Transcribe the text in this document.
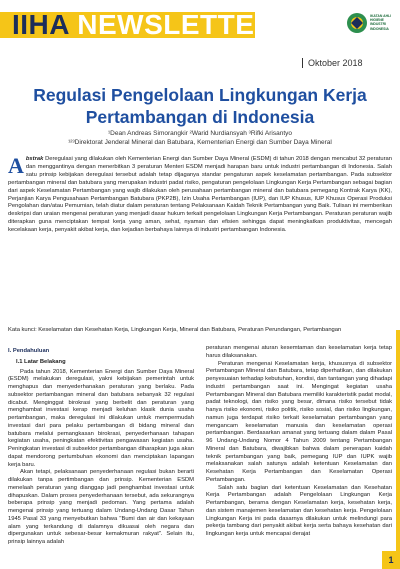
IIHA NEWSLETTER
Oktober 2018
IKATAN AHLI HIGIENE INDUSTRI INDONESIA
Regulasi Pengelolaan Lingkungan Kerja
Pertambangan di Indonesia
¹Dean Andreas Simorangkir ²Warid Nurdiansyah ³Rifki Arisantyo
¹²³Direktorat Jenderal Mineral dan Batubara, Kementerian Energi dan Sumber Daya Mineral
Abstrak Deregulasi yang dilakukan oleh Kementerian Energi dan Sumber Daya Mineral (ESDM) di tahun 2018 dengan mencabut 32 peraturan dan menggantinya dengan menerbitkan 3 peraturan Menteri ESDM menjadi harapan baru untuk industri pertambangan di Indonesia. Salah satu prinsip kebijakan deregulasi tersebut adalah tetap dijaganya standar pengaturan aspek keselamatan pertambangan. Pada subsektor pertambangan mineral dan batubara yang merupakan industri padat risiko, pengaturan pengelolaan Lingkungan Kerja Pertambangan sebagai bagian dari aspek Keselamatan Pertambangan yang wajib dilakukan oleh perusahaan pertambangan mineral dan batubara pemegang Kontrak Karya (KK), Perjanjian Karya Pengusahaan Pertambangan Batubara (PKP2B), Izin Usaha Pertambangan (IUP), dan IUP Khusus, IUP Khusus Operasi Produksi Pengolahan dan/atau Pemurnian, telah diatur dalam peraturan tentang Pelaksanaan Kaidah Teknik Pertambangan yang Baik. Tulisan ini memberikan deskripsi dan uraian mengenai peraturan yang menjadi dasar hukum terkait pengelolaan Lingkungan Kerja Pertambangan. Peraturan peraturan wajib diterapkan guna menciptakan tempat kerja yang aman, sehat, nyaman dan efisien sehingga dapat meningkatkan produktivitas, mencegah kecelakaan kerja, penyakit akibat kerja, dan kejadian berbahaya lainnya di industri pertambangan Indonesia.
Kata kunci: Keselamatan dan Kesehatan Kerja, Lingkungan Kerja, Mineral dan Batubara, Peraturan Perundangan, Pertambangan
I. Pendahuluan
I.1 Latar Belakang

Pada tahun 2018, Kementerian Energi dan Sumber Daya Mineral (ESDM) melakukan deregulasi, yakni kebijakan pemerintah untuk menghapus dan menyederhanakan peraturan yang berlaku. Pada subsektor pertambangan mineral dan batubara sebanyak 32 regulasi dicabut. Menginggat birokrasi yang berbelit dan peraturan yang menghambat investasi kerap menjadi keluhan klasik dunia usaha pertambangan, maka deregulasi ini dilakukan untuk mempermudah investasi dari para pelaku pertambangan di bidang mineral dan batubara melalui pemangkasan birokrasi, penyederhanaan tahapan kegiatan usaha, peningkatan efektivitas pengawasan kegiatan usaha. Peningkatan investasi di subsektor pertambangan diharapkan juga akan dapat mendorong pertumbuhan ekonomi dan menciptakan lapangan kerja baru.

Akan tetapi, pelaksanaan penyederhanaan regulasi bukan berarti dilakukan tanpa pertimbangan dan prinsip. Kementerian ESDM menelaah peraturan yang dianggap jadi penghambat investasi untuk dihapuskan. Dalam proses penyederhanaan tersebut, ada sekurangnya beberapa prinsip yang menjadi pedoman. Yang pertama adalah mengenai prinsip yang tertuang dalam Undang-Undang Dasar Tahun 1945 Pasal 33 yang menyebutkan bahwa "Bumi dan air dan kekayaan alam yang terkandung di dalamnya dikuasai oleh negara dan dipergunakan untuk sebesar-besar kemakmuran rakyat". Selain itu, prinsip lainnya adalah

peraturan mengenai aturan kesemtaman dan keselamatan kerja tetap harus dilaksanakan.

Peraturan mengenai Keselamatan kerja, khususnya di subsektor Pertambangan Mineral dan Batubara, tetap diperhatikan, dan dilakukan penyesuaian terhadap kebutuhan, kondisi, dan tantangan yang dihadapi industri pertambangan saat ini. Mengingat kegiatan usaha Pertambangan Mineral dan Batubara memiliki karakteristik padat modal, padat teknologi, dan risiko yang besar, dimana risiko tersebut tidak hanya risiko ekonomi, risiko politik, risiko sosial, dan risiko lingkungan, namun juga terdapat risiko terkait keselamatan pertambangan yang mengancam keselamatan manusia dan keselamatan operasi pertambangan. Berdasarkan amanat yang tertuang dalam dalam Pasal 96 Undang-Undang Nomor 4 Tahun 2009 tentang Pertambangan Mineral dan Batubara, diwajibkan bahwa dalam penerapan kaidah teknik pertambangan yang baik, pemegang IUP dan IUPK wajib melaksanakan salah satunya adalah ketentuan Keselamatan dan Kesehatan Kerja Pertambangan dan Keselamatan Operasi Pertambangan.

Salah satu bagian dari ketentuan Keselamatan dan Kesehatan Kerja Pertambangan adalah Pengelolaan Lingkungan Kerja Pertambangan, berarna dengan Keselamatan kerja, kesehatan kerja, dan sistem manajemen keselamatan dan kesehatan kerja. Pengelolaan Lingkungan Kerja ini pada dasarnya dilakukan untuk melindungi para pekerja tambang dari penyakit akibat kerja serta bahaya kesehatan dari lingkungan kerja untuk mencapai derajat

1
